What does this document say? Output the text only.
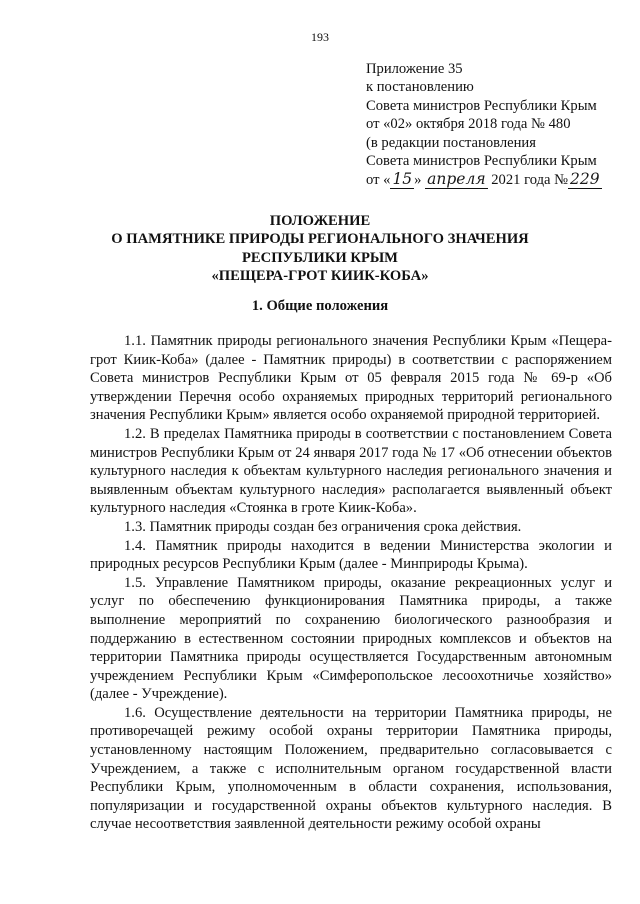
193
Приложение 35
к постановлению
Совета министров Республики Крым
от «02» октября 2018 года № 480
(в редакции постановления
Совета министров Республики Крым
от « 15 » апреля 2021 года № 229
ПОЛОЖЕНИЕ
О ПАМЯТНИКЕ ПРИРОДЫ РЕГИОНАЛЬНОГО ЗНАЧЕНИЯ
РЕСПУБЛИКИ КРЫМ
«ПЕЩЕРА-ГРОТ КИИК-КОБА»
1. Общие положения

1.1. Памятник природы регионального значения Республики Крым «Пещера-грот Киик-Коба» (далее - Памятник природы) в соответствии с распоряжением Совета министров Республики Крым от 05 февраля 2015 года № 69-р «Об утверждении Перечня особо охраняемых природных территорий регионального значения Республики Крым» является особо охраняемой природной территорией.

1.2. В пределах Памятника природы в соответствии с постановлением Совета министров Республики Крым от 24 января 2017 года № 17 «Об отнесении объектов культурного наследия к объектам культурного наследия регионального значения и выявленным объектам культурного наследия» располагается выявленный объект культурного наследия «Стоянка в гроте Киик-Коба».

1.3. Памятник природы создан без ограничения срока действия.

1.4. Памятник природы находится в ведении Министерства экологии и природных ресурсов Республики Крым (далее - Минприроды Крыма).

1.5. Управление Памятником природы, оказание рекреационных услуг и услуг по обеспечению функционирования Памятника природы, а также выполнение мероприятий по сохранению биологического разнообразия и поддержанию в естественном состоянии природных комплексов и объектов на территории Памятника природы осуществляется Государственным автономным учреждением Республики Крым «Симферопольское лесоохотничье хозяйство» (далее - Учреждение).

1.6. Осуществление деятельности на территории Памятника природы, не противоречащей режиму особой охраны территории Памятника природы, установленному настоящим Положением, предварительно согласовывается с Учреждением, а также с исполнительным органом государственной власти Республики Крым, уполномоченным в области сохранения, использования, популяризации и государственной охраны объектов культурного наследия. В случае несоответствия заявленной деятельности режиму особой охраны
